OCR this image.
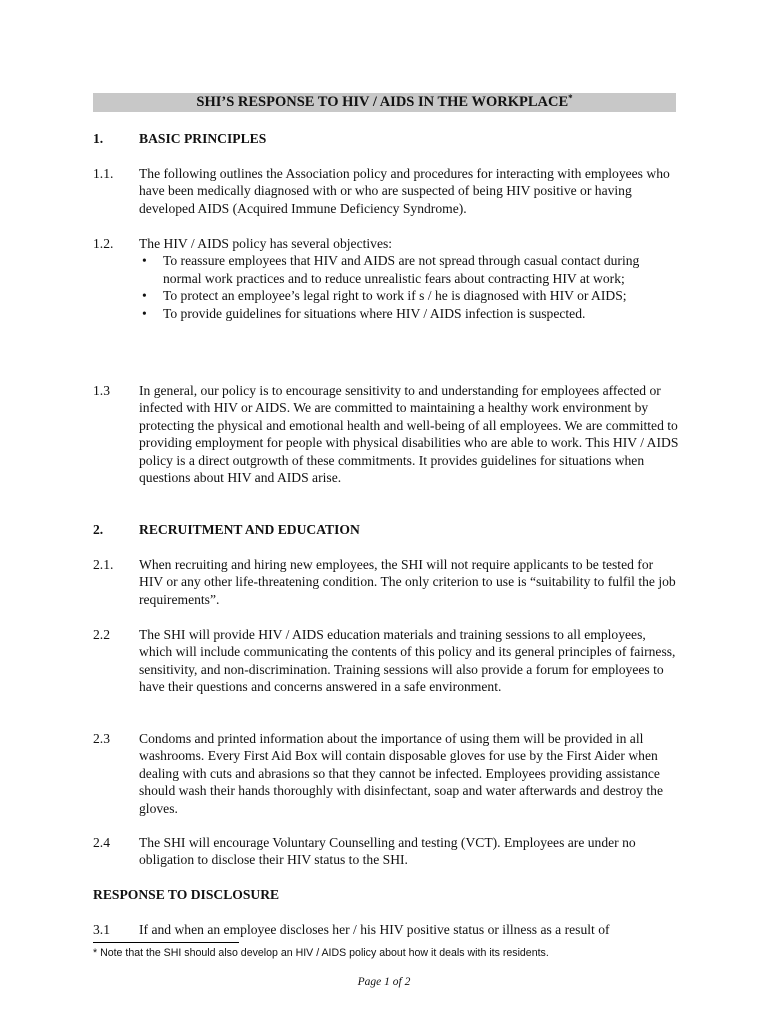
SHI’S RESPONSE TO HIV / AIDS IN THE WORKPLACE*
1.	BASIC PRINCIPLES
1.1. The following outlines the Association policy and procedures for interacting with employees who have been medically diagnosed with or who are suspected of being HIV positive or having developed AIDS (Acquired Immune Deficiency Syndrome).

1.2. The HIV / AIDS policy has several objectives:

• To reassure employees that HIV and AIDS are not spread through casual contact during normal work practices and to reduce unrealistic fears about contracting HIV at work;
• To protect an employee’s legal right to work if s / he is diagnosed with HIV or AIDS;
• To provide guidelines for situations where HIV / AIDS infection is suspected.
1.3 In general, our policy is to encourage sensitivity to and understanding for employees affected or infected with HIV or AIDS. We are committed to maintaining a healthy work environment by protecting the physical and emotional health and well-being of all employees. We are committed to providing employment for people with physical disabilities who are able to work. This HIV / AIDS policy is a direct outgrowth of these commitments. It provides guidelines for situations when questions about HIV and AIDS arise.

2.	RECRUITMENT AND EDUCATION
2.1. When recruiting and hiring new employees, the SHI will not require applicants to be tested for HIV or any other life-threatening condition. The only criterion to use is “suitability to fulfil the job requirements”.

2.2 The SHI will provide HIV / AIDS education materials and training sessions to all employees, which will include communicating the contents of this policy and its general principles of fairness, sensitivity, and non-discrimination. Training sessions will also provide a forum for employees to have their questions and concerns answered in a safe environment.

2.3 Condoms and printed information about the importance of using them will be provided in all washrooms. Every First Aid Box will contain disposable gloves for use by the First Aider when dealing with cuts and abrasions so that they cannot be infected. Employees providing assistance should wash their hands thoroughly with disinfectant, soap and water afterwards and destroy the gloves.

2.4 The SHI will encourage Voluntary Counselling and testing (VCT). Employees are under no obligation to disclose their HIV status to the SHI.

RESPONSE TO DISCLOSURE
3.1 If and when an employee discloses her / his HIV positive status or illness as a result of

* Note that the SHI should also develop an HIV / AIDS policy about how it deals with its residents.
Page 1 of 2
